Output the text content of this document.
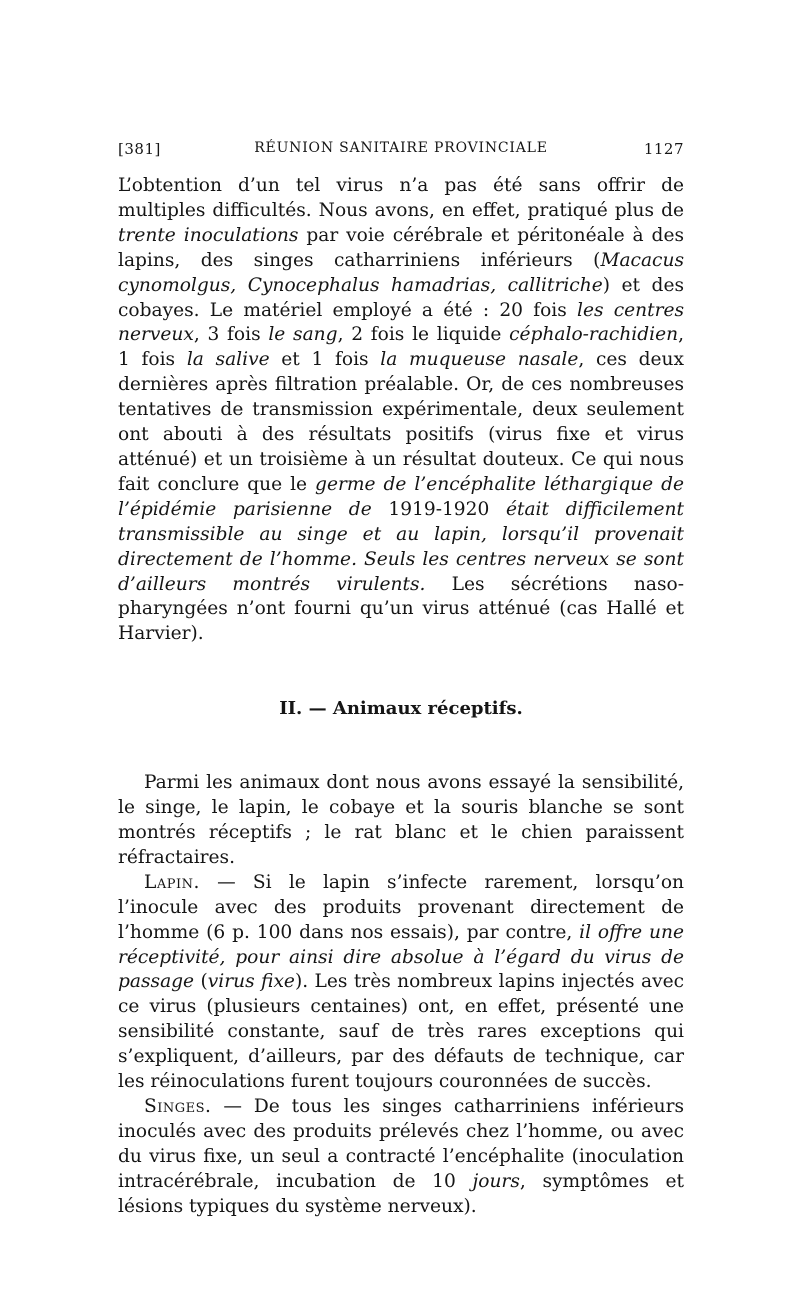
[381]	RÉUNION SANITAIRE PROVINCIALE	1127

L’obtention d’un tel virus n’a pas été sans offrir de multiples difficultés. Nous avons, en effet, pratiqué plus de trente inoculations par voie cérébrale et péritonéale à des lapins, des singes catharriniens inférieurs (Macacus cynomolgus, Cynocephalus hamadrias, callitriche) et des cobayes. Le matériel employé a été : 20 fois les centres nerveux, 3 fois le sang, 2 fois le liquide céphalo-rachidien, 1 fois la salive et 1 fois la muqueuse nasale, ces deux dernières après filtration préalable. Or, de ces nombreuses tentatives de transmission expérimentale, deux seulement ont abouti à des résultats positifs (virus fixe et virus atténué) et un troisième à un résultat douteux. Ce qui nous fait conclure que le germe de l’encéphalite léthargique de l’épidémie parisienne de 1919-1920 était difficilement transmissible au singe et au lapin, lorsqu’il provenait directement de l’homme. Seuls les centres nerveux se sont d’ailleurs montrés virulents. Les sécrétions naso-pharyngées n’ont fourni qu’un virus atténué (cas Hallé et Harvier).

II. — Animaux réceptifs.

Parmi les animaux dont nous avons essayé la sensibilité, le singe, le lapin, le cobaye et la souris blanche se sont montrés réceptifs ; le rat blanc et le chien paraissent réfractaires.

Lapin. — Si le lapin s’infecte rarement, lorsqu’on l’inocule avec des produits provenant directement de l’homme (6 p. 100 dans nos essais), par contre, il offre une réceptivité, pour ainsi dire absolue à l’égard du virus de passage (virus fixe). Les très nombreux lapins injectés avec ce virus (plusieurs centaines) ont, en effet, présenté une sensibilité constante, sauf de très rares exceptions qui s’expliquent, d’ailleurs, par des défauts de technique, car les réinoculations furent toujours couronnées de succès.

Singes. — De tous les singes catharriniens inférieurs inoculés avec des produits prélevés chez l’homme, ou avec du virus fixe, un seul a contracté l’encéphalite (inoculation intracérébrale, incubation de 10 jours, symptômes et lésions typiques du système nerveux).
